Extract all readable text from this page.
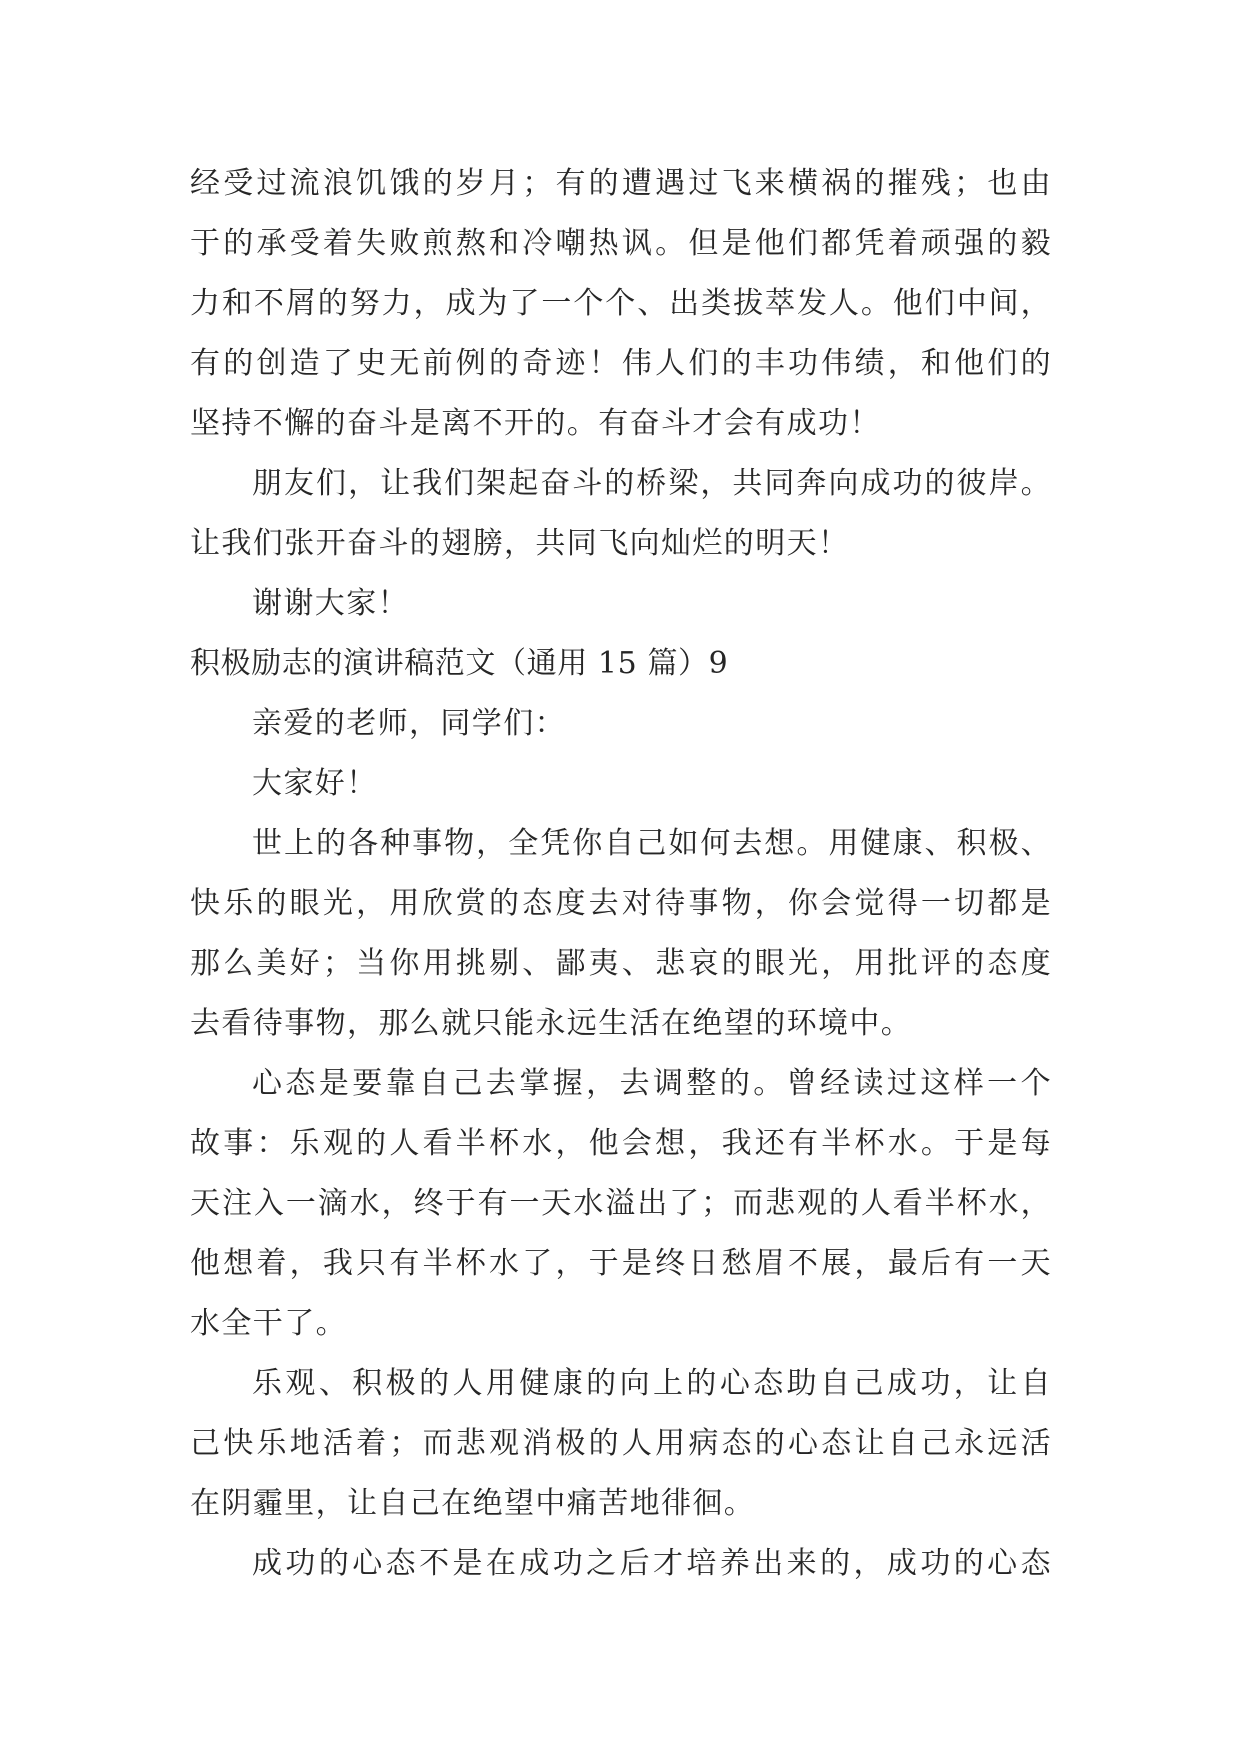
经受过流浪饥饿的岁月；有的遭遇过飞来横祸的摧残；也由
于的承受着失败煎熬和冷嘲热讽。但是他们都凭着顽强的毅
力和不屑的努力，成为了一个个、出类拔萃发人。他们中间，
有的创造了史无前例的奇迹！伟人们的丰功伟绩，和他们的
坚持不懈的奋斗是离不开的。有奋斗才会有成功！
朋友们，让我们架起奋斗的桥梁，共同奔向成功的彼岸。
让我们张开奋斗的翅膀，共同飞向灿烂的明天！
谢谢大家！
积极励志的演讲稿范文（通用 15 篇）9
亲爱的老师，同学们：
大家好！
世上的各种事物，全凭你自己如何去想。用健康、积极、
快乐的眼光，用欣赏的态度去对待事物，你会觉得一切都是
那么美好；当你用挑剔、鄙夷、悲哀的眼光，用批评的态度
去看待事物，那么就只能永远生活在绝望的环境中。
心态是要靠自己去掌握，去调整的。曾经读过这样一个
故事：乐观的人看半杯水，他会想，我还有半杯水。于是每
天注入一滴水，终于有一天水溢出了；而悲观的人看半杯水，
他想着，我只有半杯水了，于是终日愁眉不展，最后有一天
水全干了。
乐观、积极的人用健康的向上的心态助自己成功，让自
己快乐地活着；而悲观消极的人用病态的心态让自己永远活
在阴霾里，让自己在绝望中痛苦地徘徊。
成功的心态不是在成功之后才培养出来的，成功的心态
